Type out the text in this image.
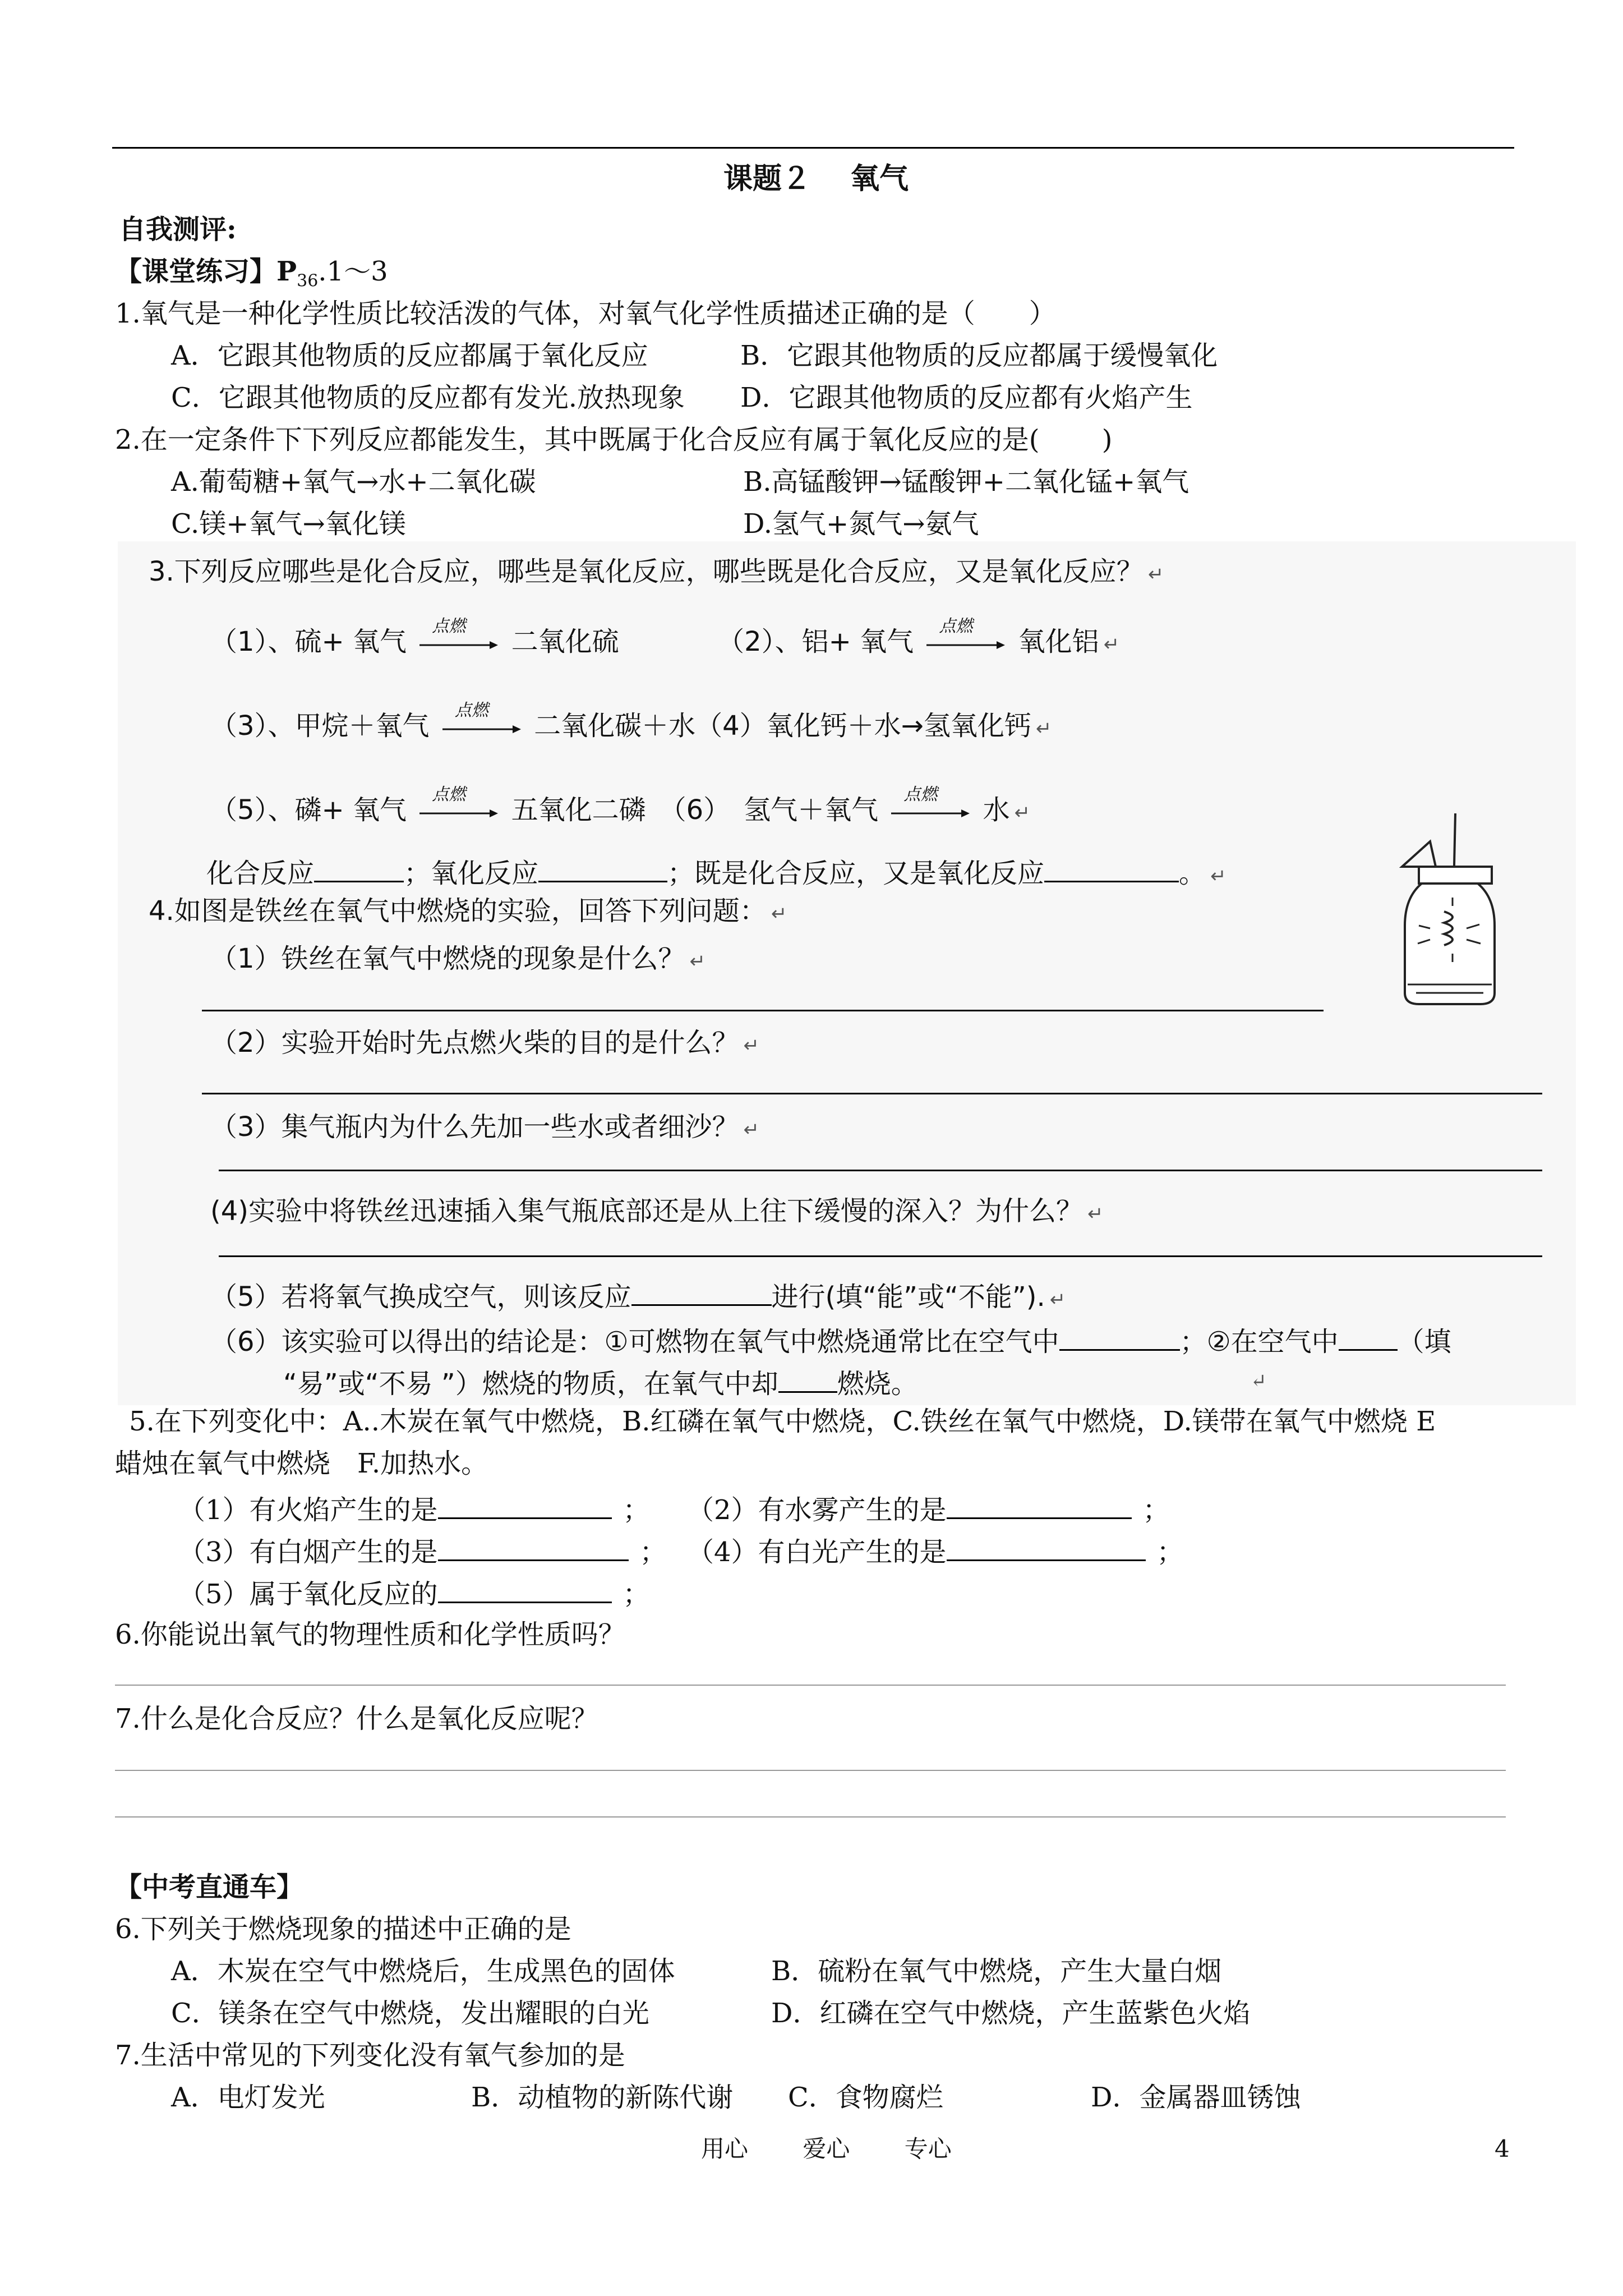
课题２　 氧气
自我测评:
【课堂练习】$P_{36}.1\sim 3$
1.氧气是一种化学性质比较活泼的气体，对氧气化学性质描述正确的是（　　）
A．它跟其他物质的反应都属于氧化反应	B．它跟其他物质的反应都属于缓慢氧化
C．它跟其他物质的反应都有发光.放热现象 D．它跟其他物质的反应都有火焰产生
2.在一定条件下下列反应都能发生，其中既属于化合反应有属于氧化反应的是(　　 )
A.葡萄糖+氧气→水+二氧化碳	B.高锰酸钾→锰酸钾+二氧化锰+氧气
C.镁+氧气→氧化镁	D.氢气+氮气→氨气
3.下列反应哪些是化合反应，哪些是氧化反应，哪些既是化合反应，又是氧化反应？ ↵
（1）、硫+ 氧气 点燃 二氧化硫	（2）、铝+ 氧气 点燃 氧化铝 ↵
（3）、甲烷＋氧气 点燃 二氧化碳＋水（4）氧化钙＋水→氢氧化钙 ↵
（5）、磷+ 氧气 点燃 五氧化二磷　（6）　氢气＋氧气 点燃 水 ↵
化合反应	；氧化反应	；既是化合反应，又是氧化反应	。 ↵
4.如图是铁丝在氧气中燃烧的实验，回答下列问题： ↵
（1）铁丝在氧气中燃烧的现象是什么？ ↵
（2）实验开始时先点燃火柴的目的是什么？ ↵
（3）集气瓶内为什么先加一些水或者细沙？ ↵
(4)实验中将铁丝迅速插入集气瓶底部还是从上往下缓慢的深入？为什么？ ↵
（5）若将氧气换成空气，则该反应	进行(填“能”或“不能”). ↵
（6）该实验可以得出的结论是：①可燃物在氧气中燃烧通常比在空气中	；②在空气中 （填
“易”或“不易 ”）燃烧的物质，在氧气中却 燃烧。	↵
5.在下列变化中：A..木炭在氧气中燃烧，B.红磷在氧气中燃烧，C.铁丝在氧气中燃烧，D.镁带在氧气中燃烧 E
蜡烛在氧气中燃烧　F.加热水。
（1）有火焰产生的是	； （2）有水雾产生的是	；
（3）有白烟产生的是	； （4）有白光产生的是	；
（5）属于氧化反应的	；
6.你能说出氧气的物理性质和化学性质吗？
7.什么是化合反应？什么是氧化反应呢？
【中考直通车】
6.下列关于燃烧现象的描述中正确的是
A．木炭在空气中燃烧后，生成黑色的固体	B．硫粉在氧气中燃烧，产生大量白烟
C．镁条在空气中燃烧，发出耀眼的白光	D．红磷在空气中燃烧，产生蓝紫色火焰
7.生活中常见的下列变化没有氧气参加的是
A．电灯发光	B．动植物的新陈代谢 C．食物腐烂	D．金属器皿锈蚀
用心　　 爱心　　 专心	4
